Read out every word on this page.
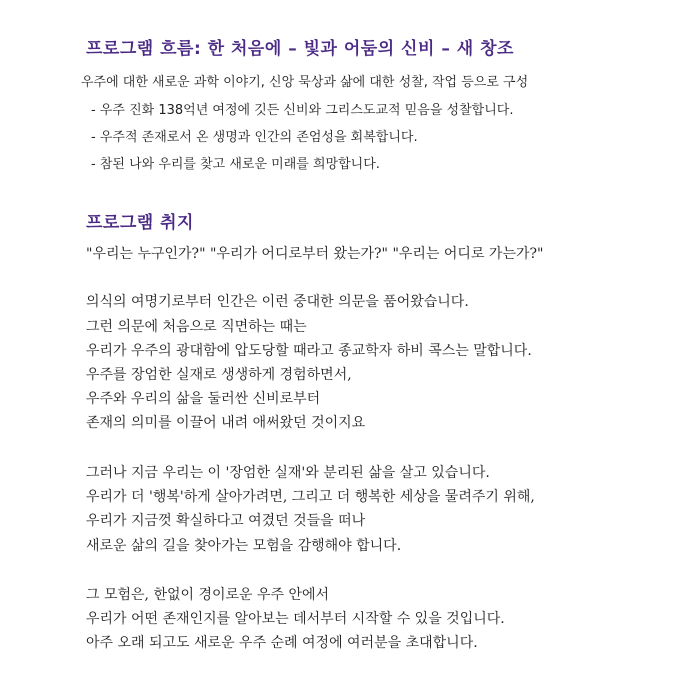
프로그램 흐름: 한 처음에 – 빛과 어둠의 신비 – 새 창조
우주에 대한 새로운 과학 이야기, 신앙 묵상과 삶에 대한 성찰, 작업 등으로 구성
- 우주 진화 138억년 여정에 깃든 신비와 그리스도교적 믿음을 성찰합니다.
- 우주적 존재로서 온 생명과 인간의 존엄성을 회복합니다.
- 참된 나와 우리를 찾고 새로운 미래를 희망합니다.
프로그램 취지
"우리는 누구인가?" "우리가 어디로부터 왔는가?" "우리는 어디로 가는가?"
의식의 여명기로부터 인간은 이런 중대한 의문을 품어왔습니다.
그런 의문에 처음으로 직면하는 때는
우리가 우주의 광대함에 압도당할 때라고 종교학자 하비 콕스는 말합니다.
우주를 장엄한 실재로 생생하게 경험하면서,
우주와 우리의 삶을 둘러싼 신비로부터
존재의 의미를 이끌어 내려 애써왔던 것이지요
그러나 지금 우리는 이 '장엄한 실재'와 분리된 삶을 살고 있습니다.
우리가 더 '행복'하게 살아가려면, 그리고 더 행복한 세상을 물려주기 위해,
우리가 지금껏 확실하다고 여겼던 것들을 떠나
새로운 삶의 길을 찾아가는 모험을 감행해야 합니다.
그 모험은, 한없이 경이로운 우주 안에서
우리가 어떤 존재인지를 알아보는 데서부터 시작할 수 있을 것입니다.
아주 오래 되고도 새로운 우주 순례 여정에 여러분을 초대합니다.
